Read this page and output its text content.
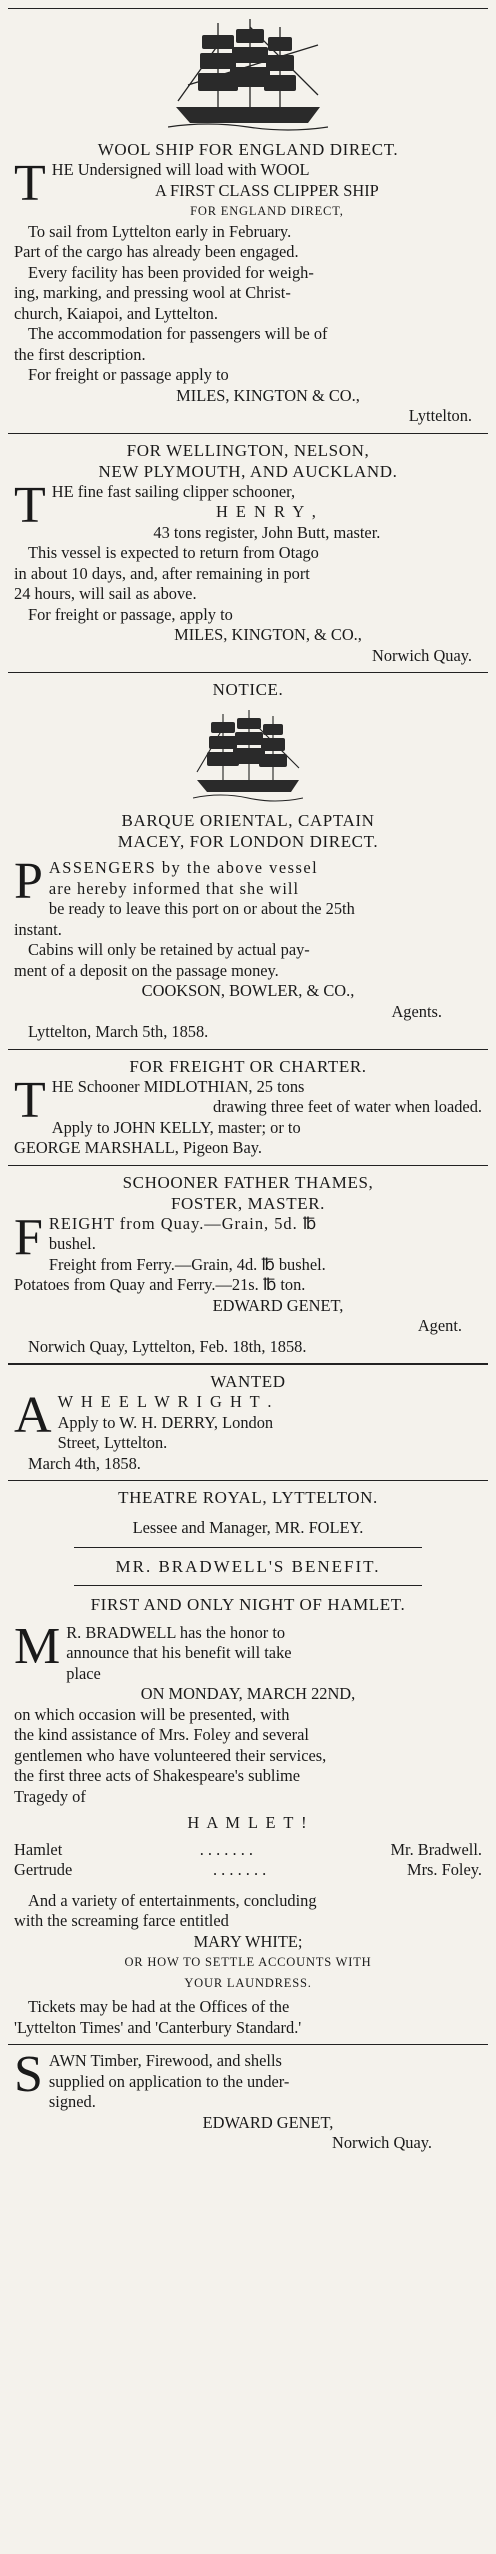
WOOL SHIP FOR ENGLAND DIRECT.
T HE Undersigned will load with WOOL
A FIRST CLASS CLIPPER SHIP
FOR ENGLAND DIRECT,
To sail from Lyttelton early in February.
Part of the cargo has already been engaged.
Every facility has been provided for weigh-
ing, marking, and pressing wool at Christ-
church, Kaiapoi, and Lyttelton.
The accommodation for passengers will be of
the first description.
For freight or passage apply to
MILES, KINGTON & CO.,
Lyttelton.
FOR WELLINGTON, NELSON,
NEW PLYMOUTH, AND AUCKLAND.
T HE fine fast sailing clipper schooner,
H E N R Y ,
43 tons register, John Butt, master.
This vessel is expected to return from Otago
in about 10 days, and, after remaining in port
24 hours, will sail as above.
For freight or passage, apply to
MILES, KINGTON, & CO.,
Norwich Quay.
NOTICE.
BARQUE ORIENTAL, CAPTAIN
MACEY, FOR LONDON DIRECT.
P ASSENGERS by the above vessel
are hereby informed that she will
be ready to leave this port on or about the 25th
instant.
Cabins will only be retained by actual pay-
ment of a deposit on the passage money.
COOKSON, BOWLER, & CO.,
Agents.
Lyttelton, March 5th, 1858.
FOR FREIGHT OR CHARTER.
T HE Schooner MIDLOTHIAN, 25 tons
drawing three feet of water when loaded.
Apply to JOHN KELLY, master; or to
GEORGE MARSHALL, Pigeon Bay.
SCHOONER FATHER THAMES,
FOSTER, MASTER.
F REIGHT from Quay.—Grain, 5d. ℔
bushel.
Freight from Ferry.—Grain, 4d. ℔ bushel.
Potatoes from Quay and Ferry.—21s. ℔ ton.
EDWARD GENET,
Agent.
Norwich Quay, Lyttelton, Feb. 18th, 1858.
WANTED
A W H E E L W R I G H T .
Apply to W. H. DERRY, London
Street, Lyttelton.
March 4th, 1858.
THEATRE ROYAL, LYTTELTON.
Lessee and Manager, MR. FOLEY.
MR. BRADWELL'S BENEFIT.
FIRST AND ONLY NIGHT OF HAMLET.
M R. BRADWELL has the honor to
announce that his benefit will take
place
ON MONDAY, MARCH 22ND,
on which occasion will be presented, with
the kind assistance of Mrs. Foley and several
gentlemen who have volunteered their services,
the first three acts of Shakespeare's sublime
Tragedy of
H A M L E T !
Hamlet	. . . . . . .	Mr. Bradwell.
Gertrude	. . . . . . .	Mrs. Foley.
And a variety of entertainments, concluding
with the screaming farce entitled
MARY WHITE;
OR HOW TO SETTLE ACCOUNTS WITH
YOUR LAUNDRESS.
Tickets may be had at the Offices of the
'Lyttelton Times' and 'Canterbury Standard.'
S AWN Timber, Firewood, and shells
supplied on application to the under-
signed.
EDWARD GENET,
Norwich Quay.
